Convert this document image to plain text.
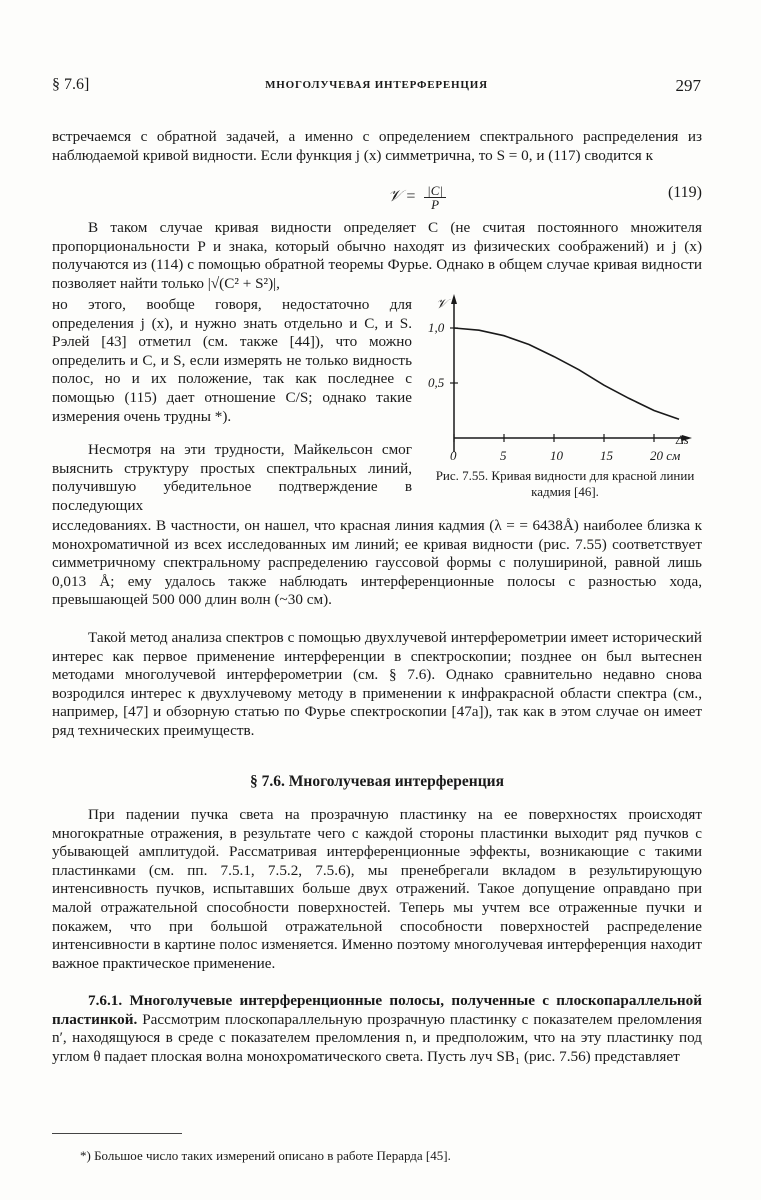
§ 7.6]	МНОГОЛУЧЕВАЯ ИНТЕРФЕРЕНЦИЯ	297

встречаемся с обратной задачей, а именно с определением спектрального распределения из наблюдаемой кривой видности. Если функция j (x) симметрична, то S = 0, и (117) сводится к

𝒱 = $\frac{|C|}{P}$	(119)

В таком случае кривая видности определяет C (не считая постоянного множителя пропорциональности P и знака, который обычно находят из физических соображений) и j (x) получаются из (114) с помощью обратной теоремы Фурье. Однако в общем случае кривая видности позволяет найти только |√(C² + S²)|,

но этого, вообще говоря, недостаточно для определения j (x), и нужно знать отдельно и C, и S. Рэлей [43] отметил (см. также [44]), что можно определить и C, и S, если измерять не только видность полос, но и их положение, так как последнее с помощью (115) дает отношение C/S; однако такие измерения очень трудны *).

Несмотря на эти трудности, Майкельсон смог выяснить структуру простых спектральных линий, получившую убедительное подтверждение в последующих

исследованиях. В частности, он нашел, что красная линия кадмия (λ = = 6438Å) наиболее близка к монохроматичной из всех исследованных им линий; ее кривая видности (рис. 7.55) соответствует симметричному спектральному распределению гауссовой формы с полушириной, равной лишь 0,013 Å; ему удалось также наблюдать интерференционные полосы с разностью хода, превышающей 500 000 длин волн (~30 см).

Такой метод анализа спектров с помощью двухлучевой интерферометрии имеет исторический интерес как первое применение интерференции в спектроскопии; позднее он был вытеснен методами многолучевой интерферометрии (см. § 7.6). Однако сравнительно недавно снова возродился интерес к двухлучевому методу в применении к инфракрасной области спектра (см., например, [47] и обзорную статью по Фурье спектроскопии [47а]), так как в этом случае он имеет ряд технических преимуществ.

§ 7.6. Многолучевая интерференция

При падении пучка света на прозрачную пластинку на ее поверхностях происходят многократные отражения, в результате чего с каждой стороны пластинки выходит ряд пучков с убывающей амплитудой. Рассматривая интерференционные эффекты, возникающие с такими пластинками (см. пп. 7.5.1, 7.5.2, 7.5.6), мы пренебрегали вкладом в результирующую интенсивность пучков, испытавших больше двух отражений. Такое допущение оправдано при малой отражательной способности поверхностей. Теперь мы учтем все отраженные пучки и покажем, что при большой отражательной способности поверхностей распределение интенсивности в картине полос изменяется. Именно поэтому многолучевая интерференция находит важное практическое применение.

7.6.1. Многолучевые интерференционные полосы, полученные с плоскопараллельной пластинкой. Рассмотрим плоскопараллельную прозрачную пластинку с показателем преломления n′, находящуюся в среде с показателем преломления n, и предположим, что на эту пластинку под углом θ падает плоская волна монохроматического света. Пусть луч SB₁ (рис. 7.56) представляет

*) Большое число таких измерений описано в работе Перарда [45].

𝒱
Δs
0	5	10	15	20 см
0,5
1,0
Рис. 7.55. Кривая видности для красной линии кадмия [46].
